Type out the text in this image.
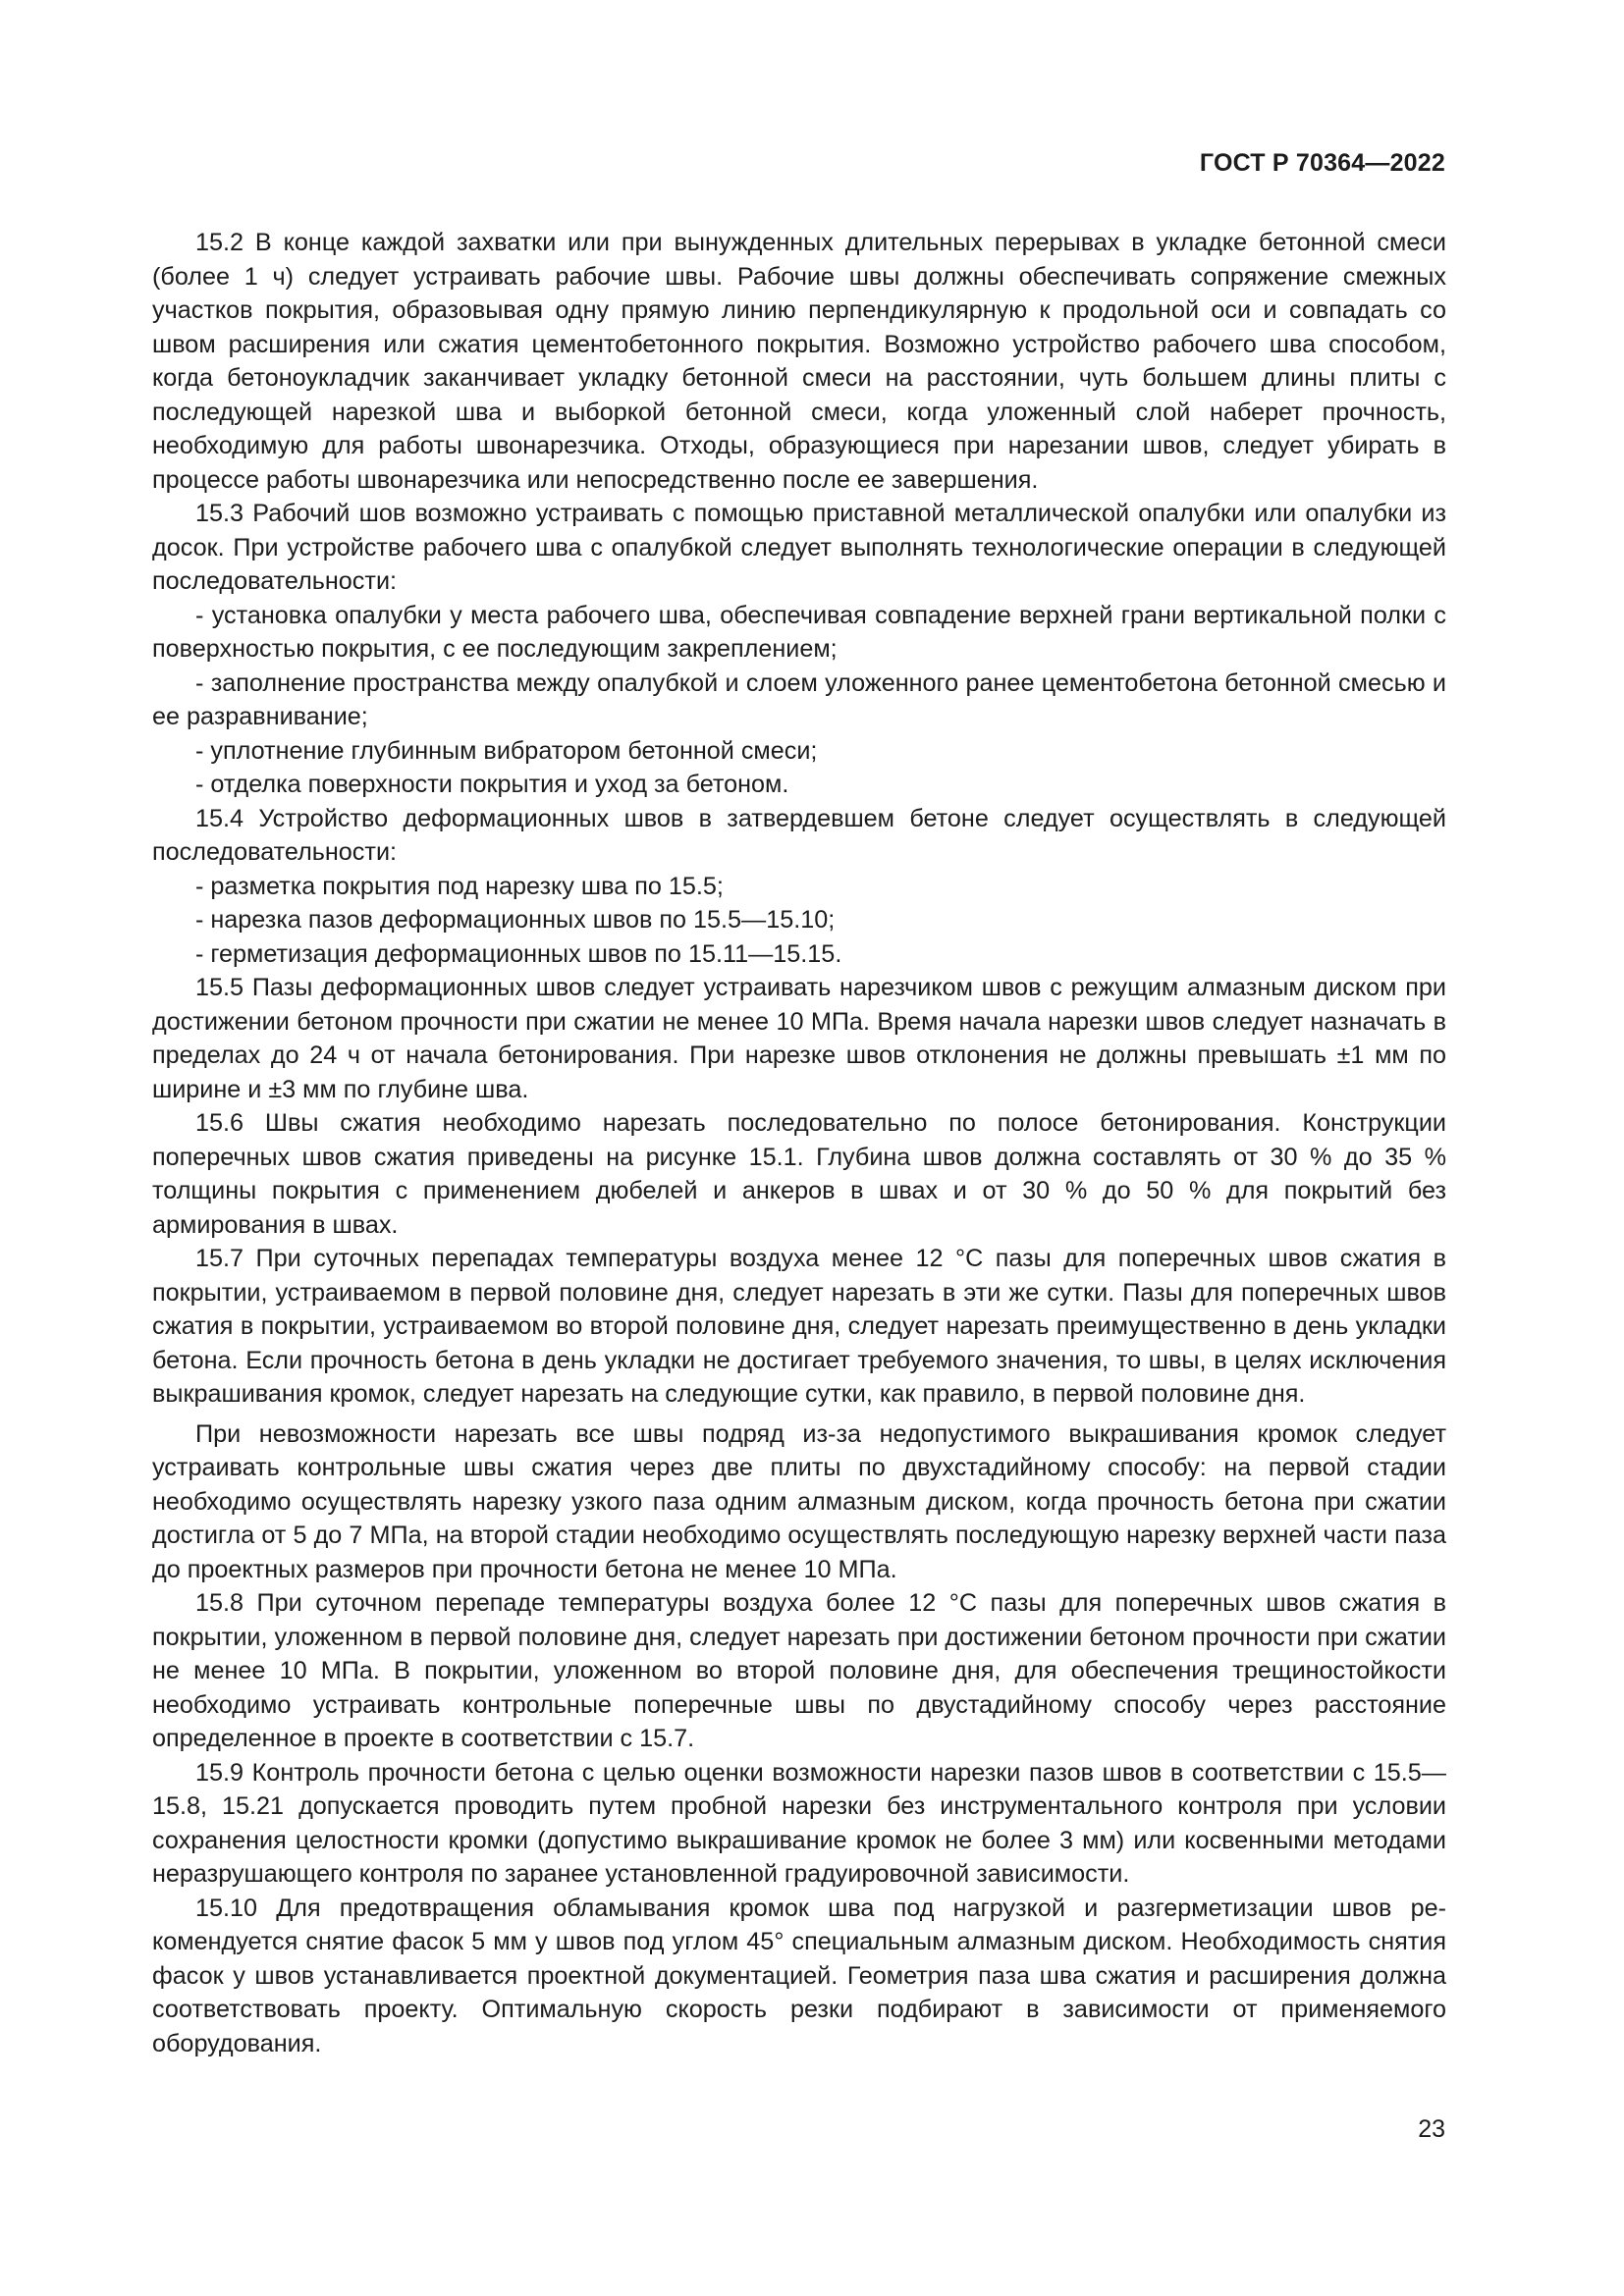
ГОСТ Р 70364—2022

15.2 В конце каждой захватки или при вынужденных длительных перерывах в укладке бетонной смеси (более 1 ч) следует устраивать рабочие швы. Рабочие швы должны обеспечивать сопряжение смежных участков покрытия, образовывая одну прямую линию перпендикулярную к продольной оси и совпадать со швом расширения или сжатия цементобетонного покрытия. Возможно устройство рабочего шва способом, когда бетоноукладчик заканчивает укладку бетонной смеси на расстоянии, чуть большем длины плиты с последующей нарезкой шва и выборкой бетонной смеси, когда уложенный слой наберет прочность, необходимую для работы швонарезчика. Отходы, образующиеся при нарезании швов, следует убирать в процессе работы швонарезчика или непосредственно после ее завершения.

15.3 Рабочий шов возможно устраивать с помощью приставной металлической опалубки или опалубки из досок. При устройстве рабочего шва с опалубкой следует выполнять технологические операции в следующей последовательности:

- установка опалубки у места рабочего шва, обеспечивая совпадение верхней грани вертикальной полки с поверхностью покрытия, с ее последующим закреплением;

- заполнение пространства между опалубкой и слоем уложенного ранее цементобетона бетонной смесью и ее разравнивание;

- уплотнение глубинным вибратором бетонной смеси;

- отделка поверхности покрытия и уход за бетоном.

15.4 Устройство деформационных швов в затвердевшем бетоне следует осуществлять в следующей последовательности:

- разметка покрытия под нарезку шва по 15.5;

- нарезка пазов деформационных швов по 15.5—15.10;

- герметизация деформационных швов по 15.11—15.15.

15.5 Пазы деформационных швов следует устраивать нарезчиком швов с режущим алмазным диском при достижении бетоном прочности при сжатии не менее 10 МПа. Время начала нарезки швов следует назначать в пределах до 24 ч от начала бетонирования. При нарезке швов отклонения не должны превышать ±1 мм по ширине и ±3 мм по глубине шва.

15.6 Швы сжатия необходимо нарезать последовательно по полосе бетонирования. Конструкции поперечных швов сжатия приведены на рисунке 15.1. Глубина швов должна составлять от 30 % до 35 % толщины покрытия с применением дюбелей и анкеров в швах и от 30 % до 50 % для покрытий без армирования в швах.

15.7 При суточных перепадах температуры воздуха менее 12 °С пазы для поперечных швов сжатия в покрытии, устраиваемом в первой половине дня, следует нарезать в эти же сутки. Пазы для поперечных швов сжатия в покрытии, устраиваемом во второй половине дня, следует нарезать преимущественно в день укладки бетона. Если прочность бетона в день укладки не достигает требуемого значения, то швы, в целях исключения выкрашивания кромок, следует нарезать на следующие сутки, как правило, в первой половине дня.

При невозможности нарезать все швы подряд из-за недопустимого выкрашивания кромок следует устраивать контрольные швы сжатия через две плиты по двухстадийному способу: на первой стадии необходимо осуществлять нарезку узкого паза одним алмазным диском, когда прочность бетона при сжатии достигла от 5 до 7 МПа, на второй стадии необходимо осуществлять последующую нарезку верхней части паза до проектных размеров при прочности бетона не менее 10 МПа.

15.8 При суточном перепаде температуры воздуха более 12 °С пазы для поперечных швов сжатия в покрытии, уложенном в первой половине дня, следует нарезать при достижении бетоном прочности при сжатии не менее 10 МПа. В покрытии, уложенном во второй половине дня, для обеспечения трещиностойкости необходимо устраивать контрольные поперечные швы по двустадийному способу через расстояние определенное в проекте в соответствии с 15.7.

15.9 Контроль прочности бетона с целью оценки возможности нарезки пазов швов в соответствии с 15.5—15.8, 15.21 допускается проводить путем пробной нарезки без инструментального контроля при условии сохранения целостности кромки (допустимо выкрашивание кромок не более 3 мм) или косвенными методами неразрушающего контроля по заранее установленной градуировочной зависимости.

15.10 Для предотвращения обламывания кромок шва под нагрузкой и разгерметизации швов рекомендуется снятие фасок 5 мм у швов под углом 45° специальным алмазным диском. Необходимость снятия фасок у швов устанавливается проектной документацией. Геометрия паза шва сжатия и расширения должна соответствовать проекту. Оптимальную скорость резки подбирают в зависимости от применяемого оборудования.

23
